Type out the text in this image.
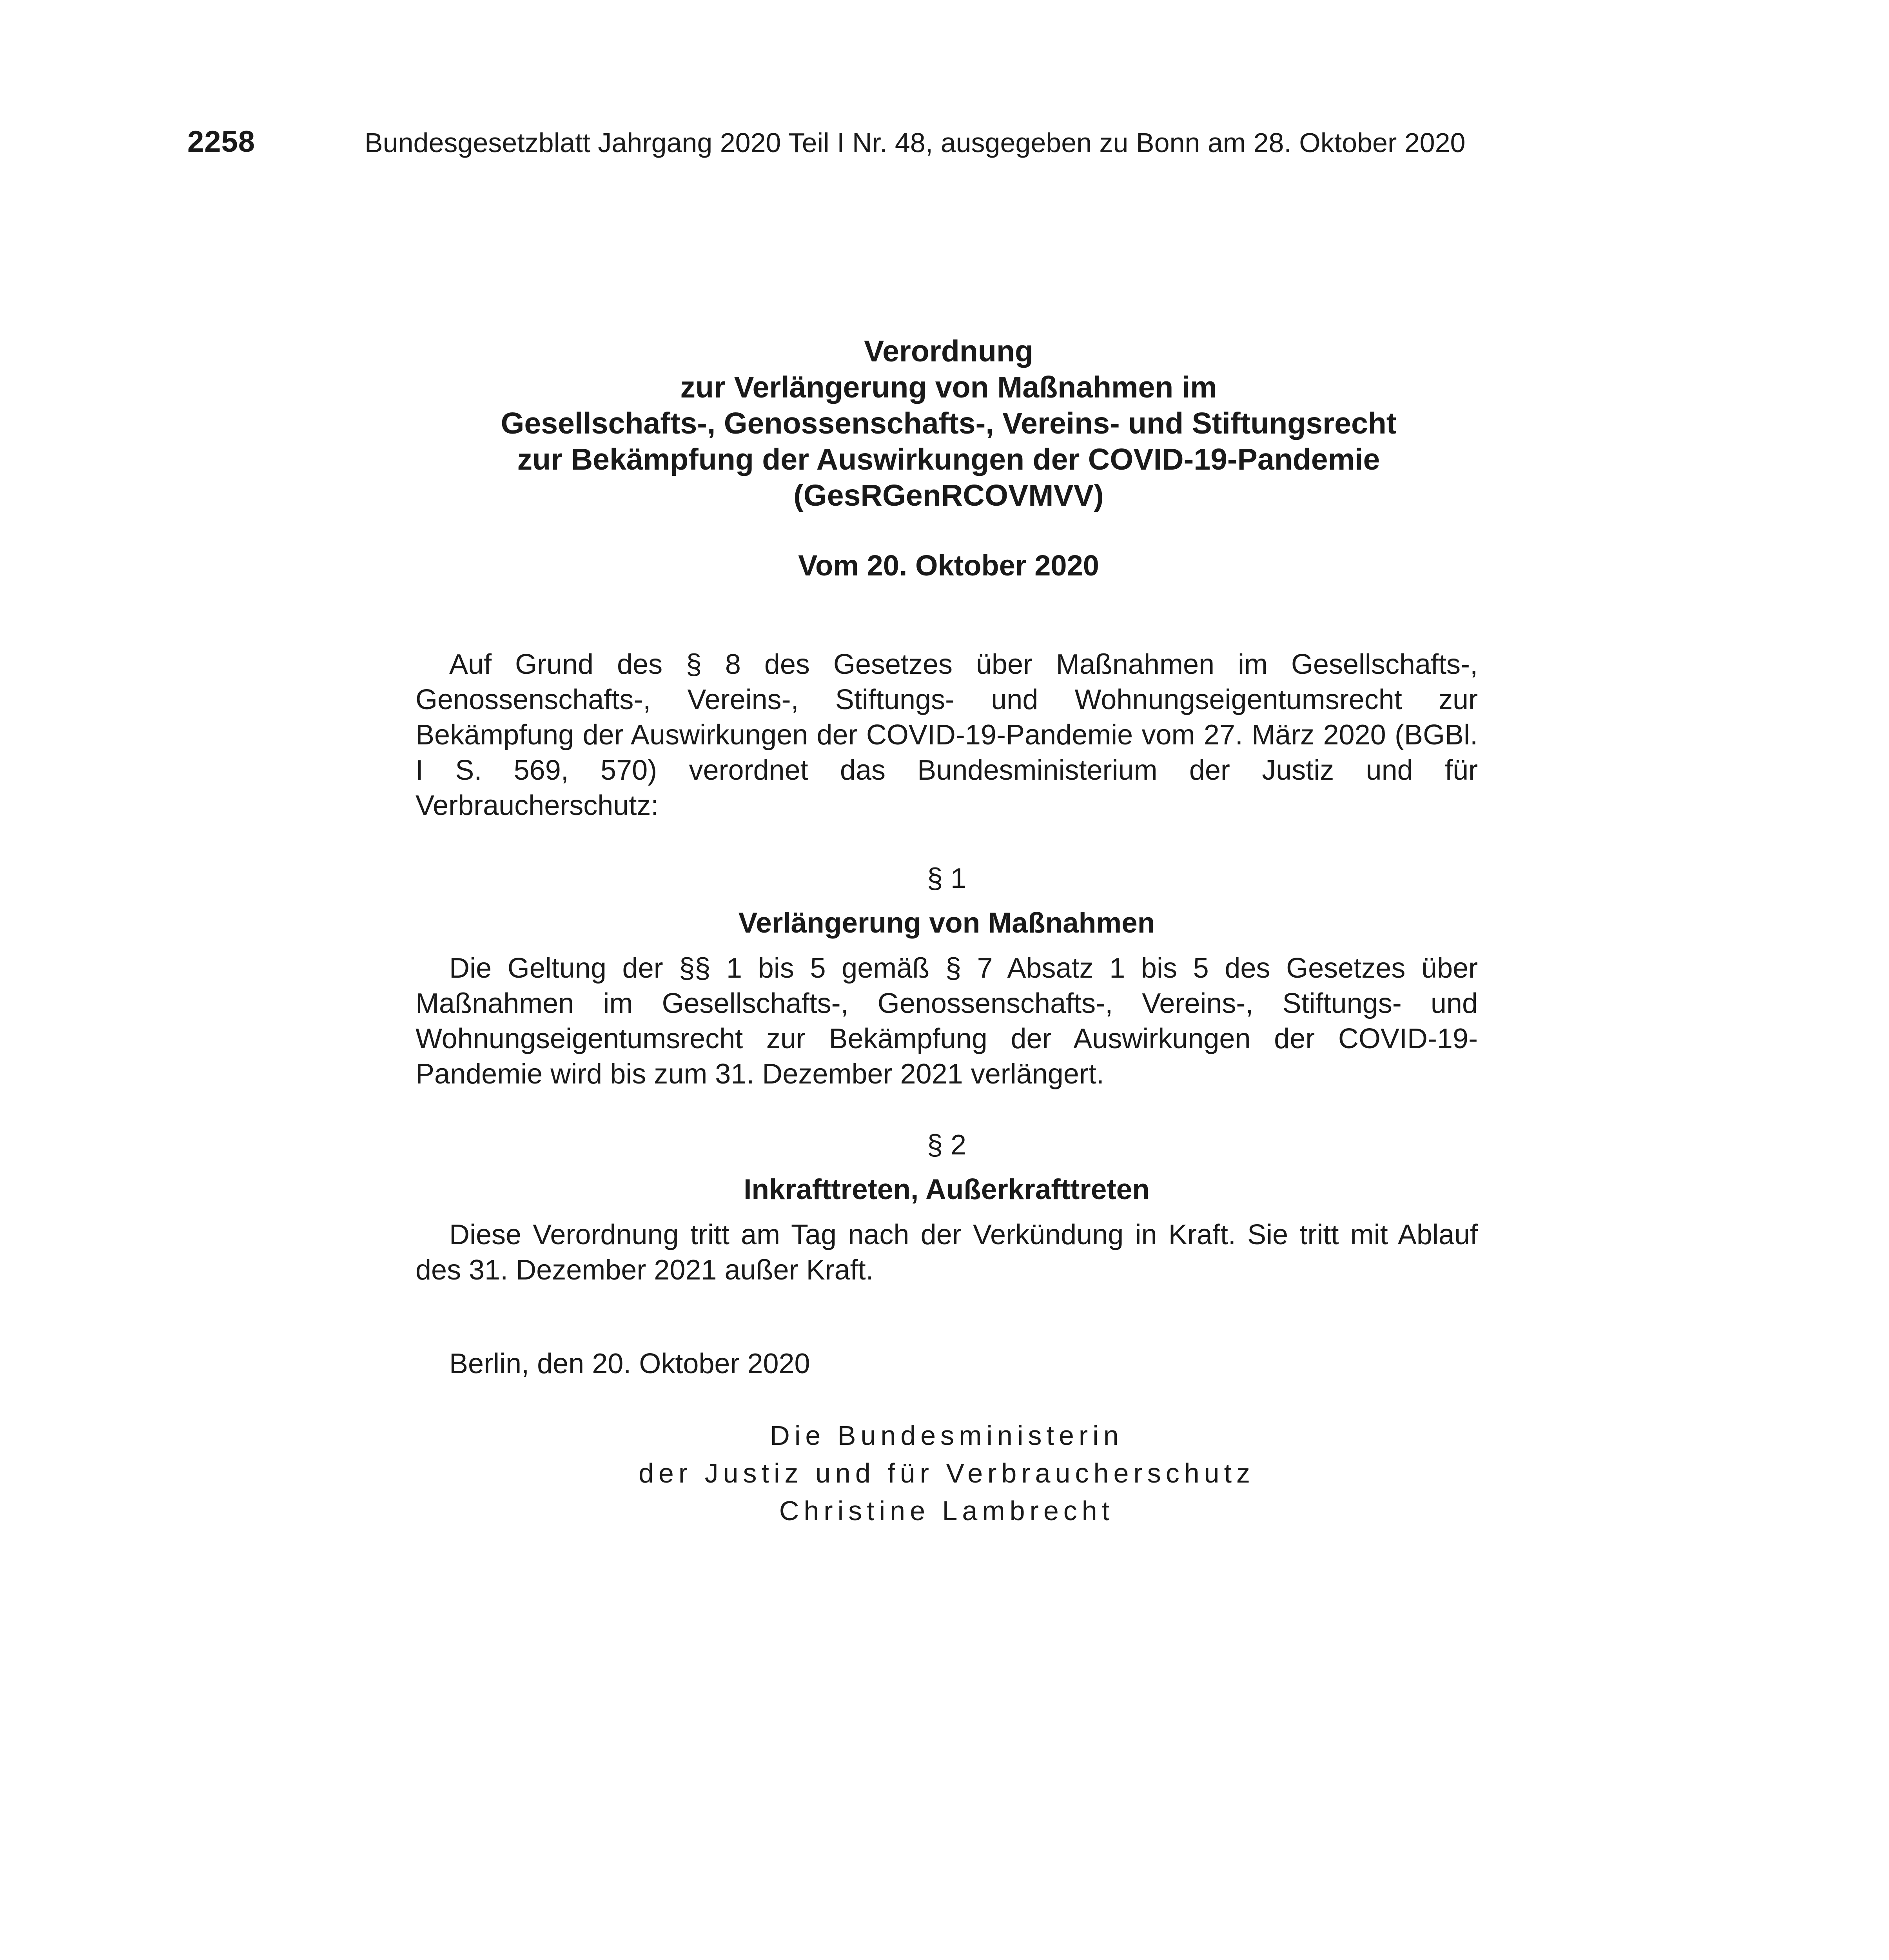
2258	Bundesgesetzblatt Jahrgang 2020 Teil I Nr. 48, ausgegeben zu Bonn am 28. Oktober 2020
Verordnung
zur Verlängerung von Maßnahmen im
Gesellschafts-, Genossenschafts-, Vereins- und Stiftungsrecht
zur Bekämpfung der Auswirkungen der COVID-19-Pandemie
(GesRGenRCOVMVV)
Vom 20. Oktober 2020
Auf Grund des § 8 des Gesetzes über Maßnahmen im Gesellschafts-, Genossenschafts-, Vereins-, Stiftungs- und Wohnungseigentumsrecht zur Bekämpfung der Auswirkungen der COVID-19-Pandemie vom 27. März 2020 (BGBl. I S. 569, 570) verordnet das Bundesministerium der Justiz und für Verbraucherschutz:
§ 1
Verlängerung von Maßnahmen
Die Geltung der §§ 1 bis 5 gemäß § 7 Absatz 1 bis 5 des Gesetzes über Maßnahmen im Gesellschafts-, Genossenschafts-, Vereins-, Stiftungs- und Wohnungseigentumsrecht zur Bekämpfung der Auswirkungen der COVID-19-Pandemie wird bis zum 31. Dezember 2021 verlängert.
§ 2
Inkrafttreten, Außerkrafttreten
Diese Verordnung tritt am Tag nach der Verkündung in Kraft. Sie tritt mit Ablauf des 31. Dezember 2021 außer Kraft.
Berlin, den 20. Oktober 2020
Die Bundesministerin
der Justiz und für Verbraucherschutz
Christine Lambrecht
